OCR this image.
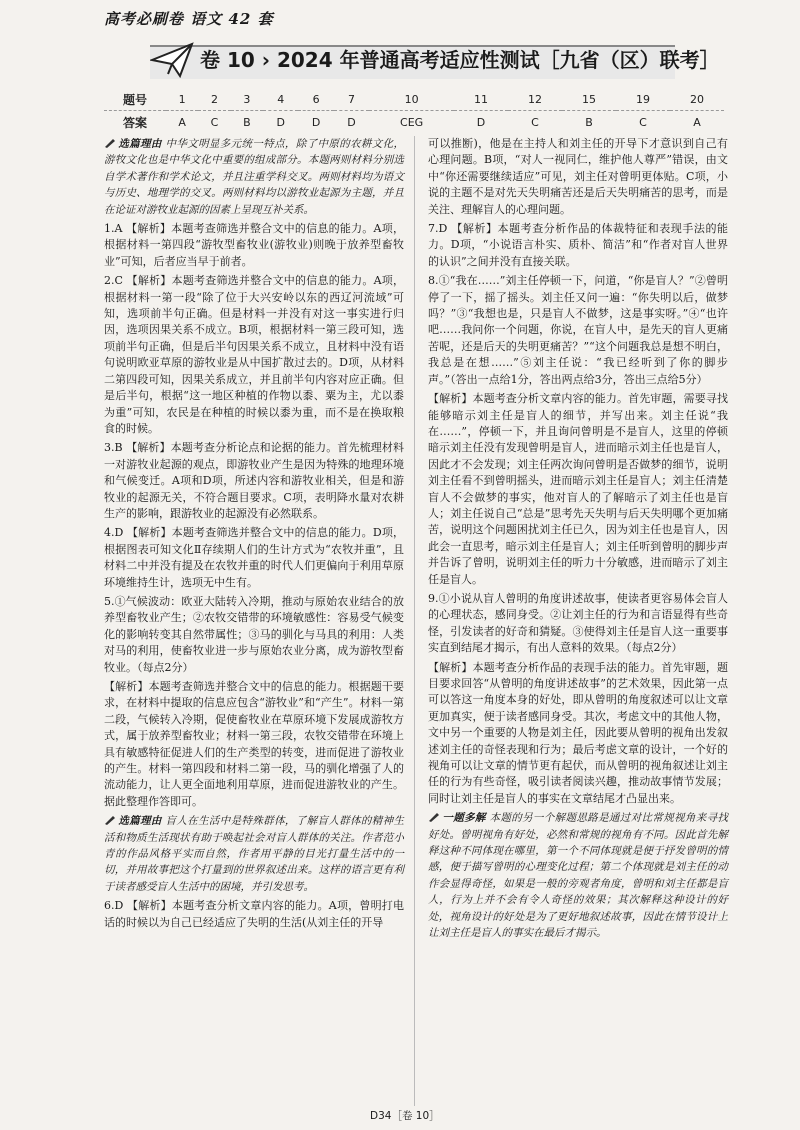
高考必刷卷 语文 42 套
卷 10 › 2024 年普通高考适应性测试［九省（区）联考］
题号	1	2	3	4	6	7	10	11	12	15	19	20
答案	A	C	B	D	D	D	CEG	D	C	B	C	A

选篇理由 中华文明显多元统一特点，除了中原的农耕文化，游牧文化也是中华文化中重要的组成部分。本题两则材料分别选自学术著作和学术论文，并且注重学科交叉。两则材料均为语文与历史、地理学的交叉。两则材料均以游牧业起源为主题，并且在论证对游牧业起源的因素上呈现互补关系。

1.A 【解析】本题考查筛选并整合文中的信息的能力。A项，根据材料一第四段“游牧型畜牧业(游牧业)则晚于放养型畜牧业”可知，后者应当早于前者。

2.C 【解析】本题考查筛选并整合文中的信息的能力。A项，根据材料一第一段“除了位于大兴安岭以东的西辽河流域”可知，选项前半句正确。但是材料一并没有对这一事实进行归因，选项因果关系不成立。B项，根据材料一第三段可知，选项前半句正确，但是后半句因果关系不成立，且材料中没有语句说明欧亚草原的游牧业是从中国扩散过去的。D项，从材料二第四段可知，因果关系成立，并且前半句内容对应正确。但是后半句，根据“这一地区种植的作物以黍、粟为主，尤以黍为重”可知，农民是在种植的时候以黍为重，而不是在换取粮食的时候。

3.B 【解析】本题考查分析论点和论据的能力。首先梳理材料一对游牧业起源的观点，即游牧业产生是因为特殊的地理环境和气候变迁。A项和D项，所述内容和游牧业相关，但是和游牧业的起源无关，不符合题目要求。C项，表明降水量对农耕生产的影响，跟游牧业的起源没有必然联系。

4.D 【解析】本题考查筛选并整合文中的信息的能力。D项，根据图表可知文化Ⅱ存续期人们的生计方式为“农牧并重”，且材料二中并没有提及在农牧并重的时代人们更偏向于利用草原环境维持生计，选项无中生有。

5.①气候波动：欧亚大陆转入冷期，推动与原始农业结合的放养型畜牧业产生；②农牧交错带的环境敏感性：容易受气候变化的影响转变其自然带属性；③马的驯化与马具的利用：人类对马的利用，使畜牧业进一步与原始农业分离，成为游牧型畜牧业。（每点2分）

【解析】本题考查筛选并整合文中的信息的能力。根据题干要求，在材料中提取的信息应包含“游牧业”和“产生”。材料一第二段，气候转入冷期，促使畜牧业在草原环境下发展成游牧方式，属于放养型畜牧业；材料一第三段，农牧交错带在环境上具有敏感特征促进人们的生产类型的转变，进而促进了游牧业的产生。材料一第四段和材料二第一段，马的驯化增强了人的流动能力，让人更全面地利用草原，进而促进游牧业的产生。据此整理作答即可。

选篇理由 盲人在生活中是特殊群体，了解盲人群体的精神生活和物质生活现状有助于唤起社会对盲人群体的关注。作者范小青的作品风格平实而自然，作者用平静的目光打量生活中的一切，并用故事把这个打量到的世界叙述出来。这样的语言更有利于读者感受盲人生活中的困境，并引发思考。

6.D 【解析】本题考查分析文章内容的能力。A项，曾明打电话的时候以为自己已经适应了失明的生活(从刘主任的开导

可以推断)，他是在主持人和刘主任的开导下才意识到自己有心理问题。B项，“对人一视同仁，维护他人尊严”错误，由文中“你还需要继续适应”可见，刘主任对曾明更体贴。C项，小说的主题不是对先天失明痛苦还是后天失明痛苦的思考，而是关注、理解盲人的心理问题。

7.D 【解析】本题考查分析作品的体裁特征和表现手法的能力。D项，“小说语言朴实、质朴、简洁”和“作者对盲人世界的认识”之间并没有直接关联。

8.①“我在……”刘主任停顿一下，问道，“你是盲人？”②曾明停了一下，摇了摇头。刘主任又问一遍：“你失明以后，做梦吗？”③“我想也是，只是盲人不做梦，这是事实呀。”④“也许吧……我问你一个问题，你说，在盲人中，是先天的盲人更痛苦呢，还是后天的失明更痛苦？”“这个问题我总是想不明白，我总是在想……”⑤刘主任说：“我已经听到了你的脚步声。”（答出一点给1分，答出两点给3分，答出三点给5分）

【解析】本题考查分析文章内容的能力。首先审题，需要寻找能够暗示刘主任是盲人的细节，并写出来。刘主任说“我在……”，停顿一下，并且询问曾明是不是盲人，这里的停顿暗示刘主任没有发现曾明是盲人，进而暗示刘主任也是盲人，因此才不会发现；刘主任两次询问曾明是否做梦的细节，说明刘主任看不到曾明摇头，进而暗示刘主任是盲人；刘主任清楚盲人不会做梦的事实，他对盲人的了解暗示了刘主任也是盲人；刘主任说自己“总是”思考先天失明与后天失明哪个更加痛苦，说明这个问题困扰刘主任已久，因为刘主任也是盲人，因此会一直思考，暗示刘主任是盲人；刘主任听到曾明的脚步声并告诉了曾明，说明刘主任的听力十分敏感，进而暗示了刘主任是盲人。

9.①小说从盲人曾明的角度讲述故事，使读者更容易体会盲人的心理状态，感同身受。②让刘主任的行为和言语显得有些奇怪，引发读者的好奇和猜疑。③使得刘主任是盲人这一重要事实直到结尾才揭示，有出人意料的效果。（每点2分）

【解析】本题考查分析作品的表现手法的能力。首先审题，题目要求回答“从曾明的角度讲述故事”的艺术效果，因此第一点可以答这一角度本身的好处，即从曾明的角度叙述可以让文章更加真实，便于读者感同身受。其次，考虑文中的其他人物，文中另一个重要的人物是刘主任，因此要从曾明的视角出发叙述刘主任的奇怪表现和行为；最后考虑文章的设计，一个好的视角可以让文章的情节更有起伏，而从曾明的视角叙述让刘主任的行为有些奇怪，吸引读者阅读兴趣，推动故事情节发展；同时让刘主任是盲人的事实在文章结尾才凸显出来。

一题多解 本题的另一个解题思路是通过对比常规视角来寻找好处。曾明视角有好处，必然和常规的视角有不同。因此首先解释这种不同体现在哪里，第一个不同体现就是便于抒发曾明的情感，便于描写曾明的心理变化过程；第二个体现就是刘主任的动作会显得奇怪，如果是一般的旁观者角度，曾明和刘主任都是盲人，行为上并不会有令人奇怪的效果；其次解释这种设计的好处，视角设计的好处是为了更好地叙述故事，因此在情节设计上让刘主任是盲人的事实在最后才揭示。

D34［卷 10］
